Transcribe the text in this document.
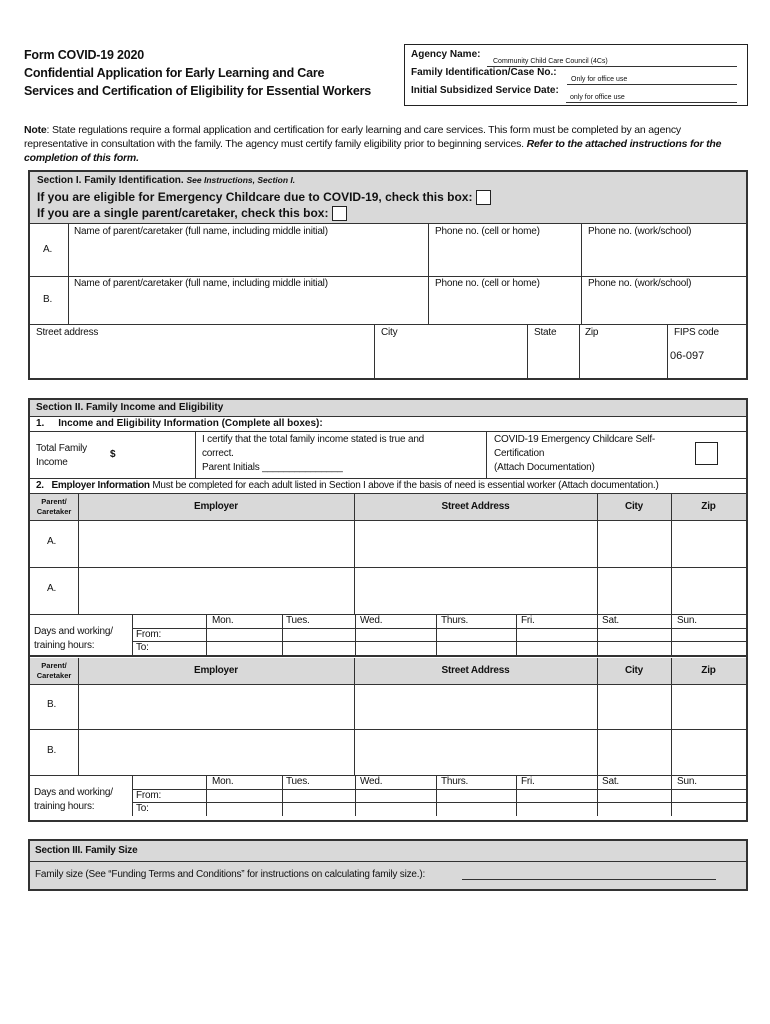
Form COVID-19 2020
Confidential Application for Early Learning and Care
Services and Certification of Eligibility for Essential Workers
Agency Name:
Community Child Care Council (4Cs)
Family Identification/Case No.:
Only for office use
Initial Subsidized Service Date:
only for office use
Note: State regulations require a formal application and certification for early learning and care services. This form must be completed by an agency representative in consultation with the family. The agency must certify family eligibility prior to beginning services. Refer to the attached instructions for the completion of this form.
Section I. Family Identification. See Instructions, Section I.
If you are eligible for Emergency Childcare due to COVID-19, check this box:
If you are a single parent/caretaker, check this box:
A.
Name of parent/caretaker (full name, including middle initial)	Phone no. (cell or home)	Phone no. (work/school)
B.
Name of parent/caretaker (full name, including middle initial)	Phone no. (cell or home)	Phone no. (work/school)
Street address	City	State	Zip	FIPS code
06-097
Section II. Family Income and Eligibility
1.     Income and Eligibility Information (Complete all boxes):
Total Family Income
$
I certify that the total family income stated is true and
correct.
Parent Initials _______________
COVID-19 Emergency Childcare Self-
Certification
(Attach Documentation)
2. Employer Information Must be completed for each adult listed in Section I above if the basis of need is essential worker (Attach documentation.)
Parent/ Caretaker	Employer	Street Address	City	Zip
A.
A.
Days and working/
training hours:
From:
To:
Mon.	Tues.	Wed.	Thurs.	Fri.	Sat.	Sun.
Parent/ Caretaker	Employer	Street Address	City	Zip
B.
B.
Days and working/
training hours:
From:
To:
Mon.	Tues.	Wed.	Thurs.	Fri.	Sat.	Sun.
Section III. Family Size
Family size (See “Funding Terms and Conditions” for instructions on calculating family size.):
